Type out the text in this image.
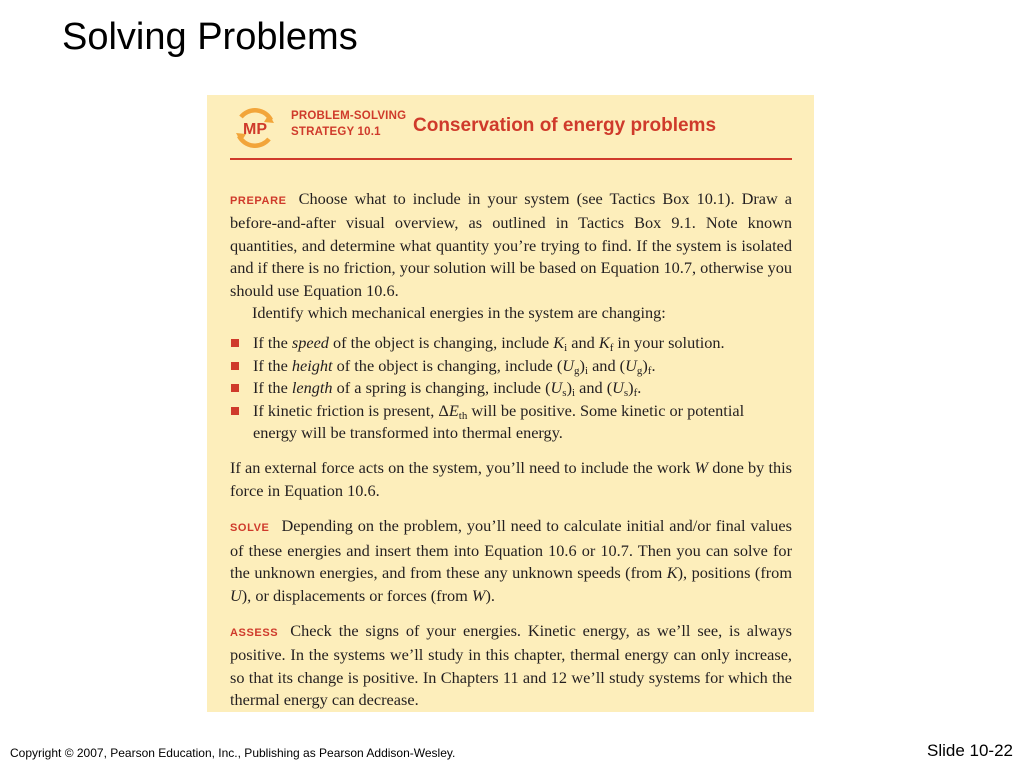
Solving Problems
MP
PROBLEM-SOLVING
STRATEGY 10.1	Conservation of energy problems

PREPARE Choose what to include in your system (see Tactics Box 10.1). Draw a before-and-after visual overview, as outlined in Tactics Box 9.1. Note known quantities, and determine what quantity you’re trying to find. If the system is isolated and if there is no friction, your solution will be based on Equation 10.7, otherwise you should use Equation 10.6.

Identify which mechanical energies in the system are changing:

If the speed of the object is changing, include $K_i$ and $K_f$ in your solution.
If the height of the object is changing, include $(U_g)_i$ and $(U_g)_f$.
If the length of a spring is changing, include $(U_s)_i$ and $(U_s)_f$.
If kinetic friction is present, $\Delta E_{th}$ will be positive. Some kinetic or potential energy will be transformed into thermal energy.

If an external force acts on the system, you’ll need to include the work W done by this force in Equation 10.6.

SOLVE Depending on the problem, you’ll need to calculate initial and/or final values of these energies and insert them into Equation 10.6 or 10.7. Then you can solve for the unknown energies, and from these any unknown speeds (from K), positions (from U), or displacements or forces (from W).

ASSESS Check the signs of your energies. Kinetic energy, as we’ll see, is always positive. In the systems we’ll study in this chapter, thermal energy can only increase, so that its change is positive. In Chapters 11 and 12 we’ll study systems for which the thermal energy can decrease.

Copyright © 2007, Pearson Education, Inc., Publishing as Pearson Addison-Wesley.	Slide 10-22
